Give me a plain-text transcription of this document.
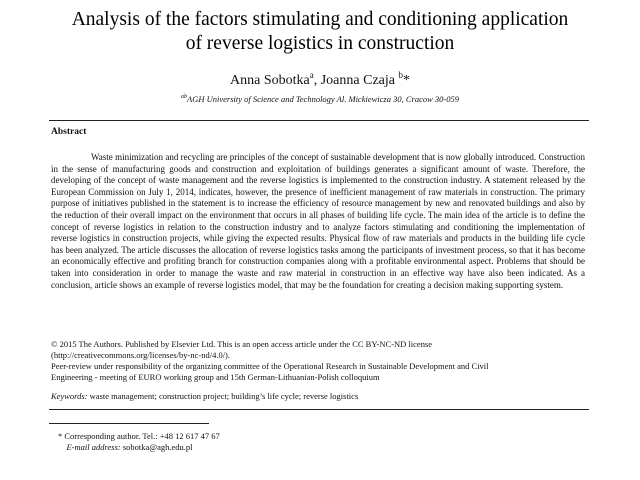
Analysis of the factors stimulating and conditioning application
of reverse logistics in construction
Anna Sobotka$^a$, Joanna Czaja $^b$*
$^{ab}$AGH University of Science and Technology Al. Mickiewicza 30, Cracow 30-059
Abstract

Waste minimization and recycling are principles of the concept of sustainable development that is now globally introduced. Construction in the sense of manufacturing goods and construction and exploitation of buildings generates a significant amount of waste. Therefore, the developing of the concept of waste management and the reverse logistics is implemented to the construction industry. A statement released by the European Commission on July 1, 2014, indicates, however, the presence of inefficient management of raw materials in construction. The primary purpose of initiatives published in the statement is to increase the efficiency of resource management by new and renovated buildings and also by the reduction of their overall impact on the environment that occurs in all phases of building life cycle. The main idea of the article is to define the concept of reverse logistics in relation to the construction industry and to analyze factors stimulating and conditioning the implementation of reverse logistics in construction projects, while giving the expected results. Physical flow of raw materials and products in the building life cycle has been analyzed. The article discusses the allocation of reverse logistics tasks among the participants of investment process, so that it has become an economically effective and profiting branch for construction companies along with a profitable environmental aspect. Problems that should be taken into consideration in order to manage the waste and raw material in construction in an effective way have also been indicated. As a conclusion, article shows an example of reverse logistics model, that may be the foundation for creating a decision making supporting system.

© 2015 The Authors. Published by Elsevier Ltd. This is an open access article under the CC BY-NC-ND license
(http://creativecommons.org/licenses/by-nc-nd/4.0/).
Peer-review under responsibility of the organizing committee of the Operational Research in Sustainable Development and Civil
Engineering - meeting of EURO working group and 15th German-Lithuanian-Polish colloquium
Keywords: waste management; construction project; building’s life cycle; reverse logistics
* Corresponding author. Tel.: +48 12 617 47 67
E-mail address: sobotka@agh.edu.pl
